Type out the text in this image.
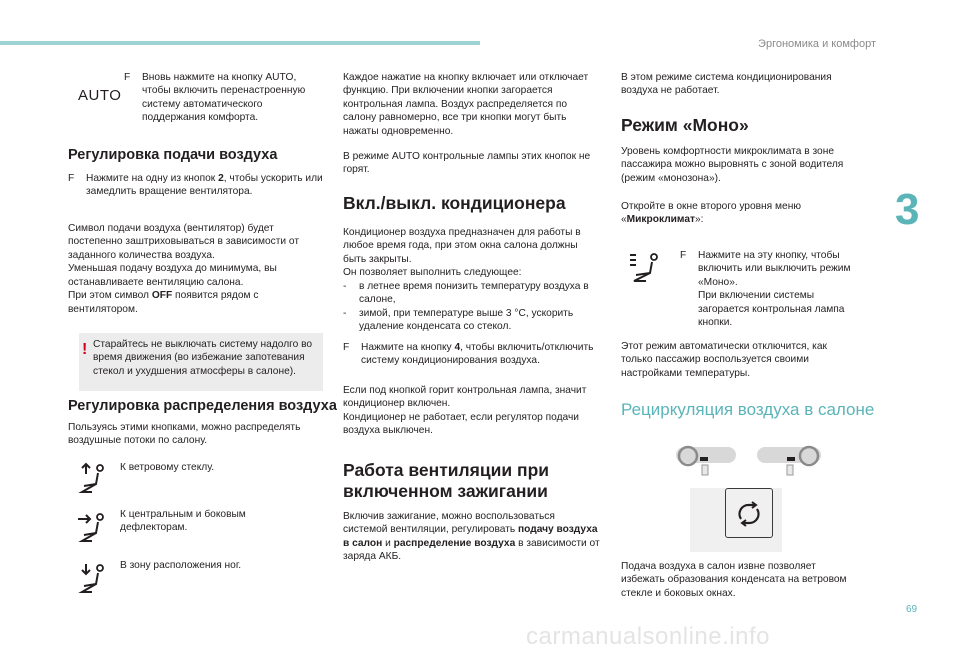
Эргономика и комфорт
3
69
carmanualsonline.info
AUTO
F	Вновь нажмите на кнопку AUTO, чтобы включить перенастроенную систему автоматического поддержания комфорта.

Регулировка подачи воздуха
F	Нажмите на одну из кнопок 2, чтобы ускорить или замедлить вращение вентилятора.

Символ подачи воздуха (вентилятор) будет постепенно заштриховываться в зависимости от заданного количества воздуха.

Уменьшая подачу воздуха до минимума, вы останавливаете вентиляцию салона.

При этом символ OFF появится рядом с вентилятором.

! Старайтесь не выключать систему надолго во время движения (во избежание запотевания стекол и ухудшения атмосферы в салоне).

Регулировка распределения воздуха

Пользуясь этими кнопками, можно распределять воздушные потоки по салону.

К ветровому стеклу.

К центральным и боковым дефлекторам.

В зону расположения ног.

Каждое нажатие на кнопку включает или отключает функцию. При включении кнопки загорается контрольная лампа. Воздух распределяется по салону равномерно, все три кнопки могут быть нажаты одновременно.

В режиме AUTO контрольные лампы этих кнопок не горят.

Вкл./выкл. кондиционера

Кондиционер воздуха предназначен для работы в любое время года, при этом окна салона должны быть закрыты.

Он позволяет выполнить следующее:

-	в летнее время понизить температуру воздуха в салоне,

-	зимой, при температуре выше 3 °C, ускорить удаление конденсата со стекол.

F	Нажмите на кнопку 4, чтобы включить/отключить систему кондиционирования воздуха.

Если под кнопкой горит контрольная лампа, значит кондиционер включен.

Кондиционер не работает, если регулятор подачи воздуха выключен.

Работа вентиляции при включенном зажигании

Включив зажигание, можно воспользоваться системой вентиляции, регулировать подачу воздуха в салон и распределение воздуха в зависимости от заряда АКБ.

В этом режиме система кондиционирования воздуха не работает.

Режим «Моно»

Уровень комфортности микроклимата в зоне пассажира можно выровнять с зоной водителя (режим «монозона»).

Откройте в окне второго уровня меню «Микроклимат»:

F	Нажмите на эту кнопку, чтобы включить или выключить режим «Моно».

При включении системы загорается контрольная лампа кнопки.

Этот режим автоматически отключится, как только пассажир воспользуется своими настройками температуры.

Рециркуляция воздуха в салоне

Подача воздуха в салон извне позволяет избежать образования конденсата на ветровом стекле и боковых окнах.
